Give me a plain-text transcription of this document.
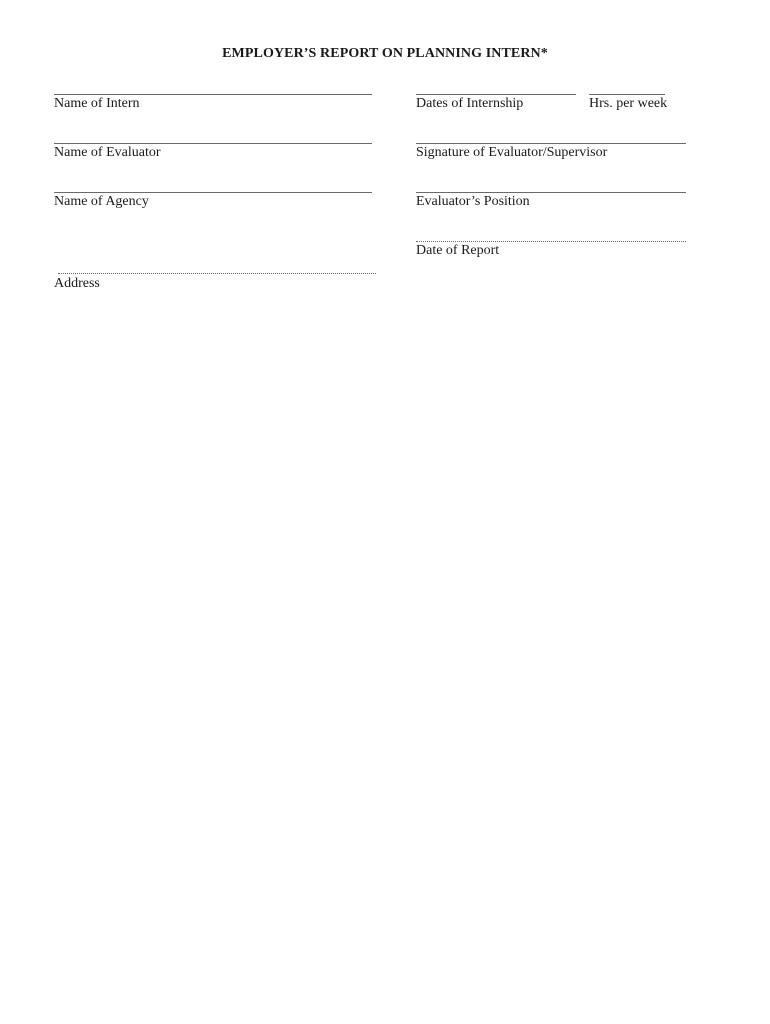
EMPLOYER’S REPORT ON PLANNING INTERN*
Name of Intern	Dates of Internship	Hrs. per week
Name of Evaluator	Signature of Evaluator/Supervisor
Name of Agency	Evaluator’s Position
Date of Report
Address
